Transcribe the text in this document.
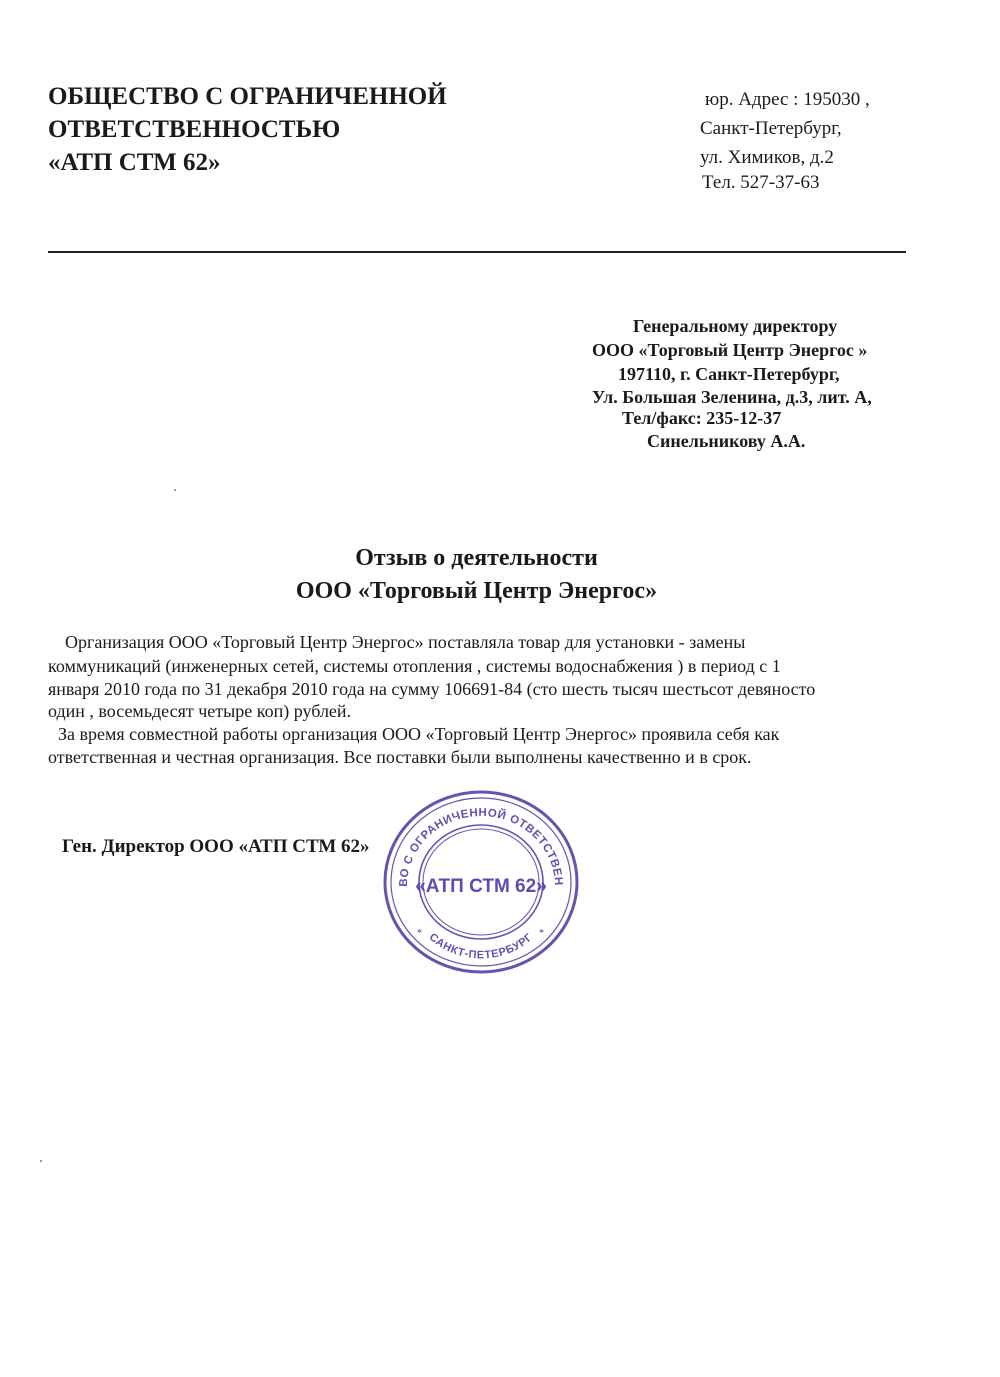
ОБЩЕСТВО С ОГРАНИЧЕННОЙ
ОТВЕТСТВЕННОСТЬЮ
«АТП СТМ 62»
юр. Адрес : 195030 ,
Санкт-Петербург,
ул. Химиков, д.2
Тел. 527-37-63
Генеральному директору
ООО «Торговый Центр Энергос »
197110, г. Санкт-Петербург,
Ул. Большая Зеленина, д.3, лит. А,
Тел/факс: 235-12-37
Синельникову А.А.
Отзыв о деятельности
ООО «Торговый Центр Энергос»
Организация ООО «Торговый Центр Энергос» поставляла товар для установки - замены
коммуникаций (инженерных сетей, системы отопления , системы водоснабжения ) в период с 1
января 2010 года по 31 декабря 2010 года на сумму 106691-84 (сто шесть тысяч шестьсот девяносто
один , восемьдесят четыре коп) рублей.
За время совместной работы организация ООО «Торговый Центр Энергос» проявила себя как
ответственная и честная организация. Все поставки были выполнены качественно и в срок.
Ген. Директор ООО «АТП СТМ 62»
ВО С ОГРАНИЧЕННОЙ ОТВЕТСТВЕН
САНКТ-ПЕТЕРБУРГ
«АТП СТМ 62»
*	*
